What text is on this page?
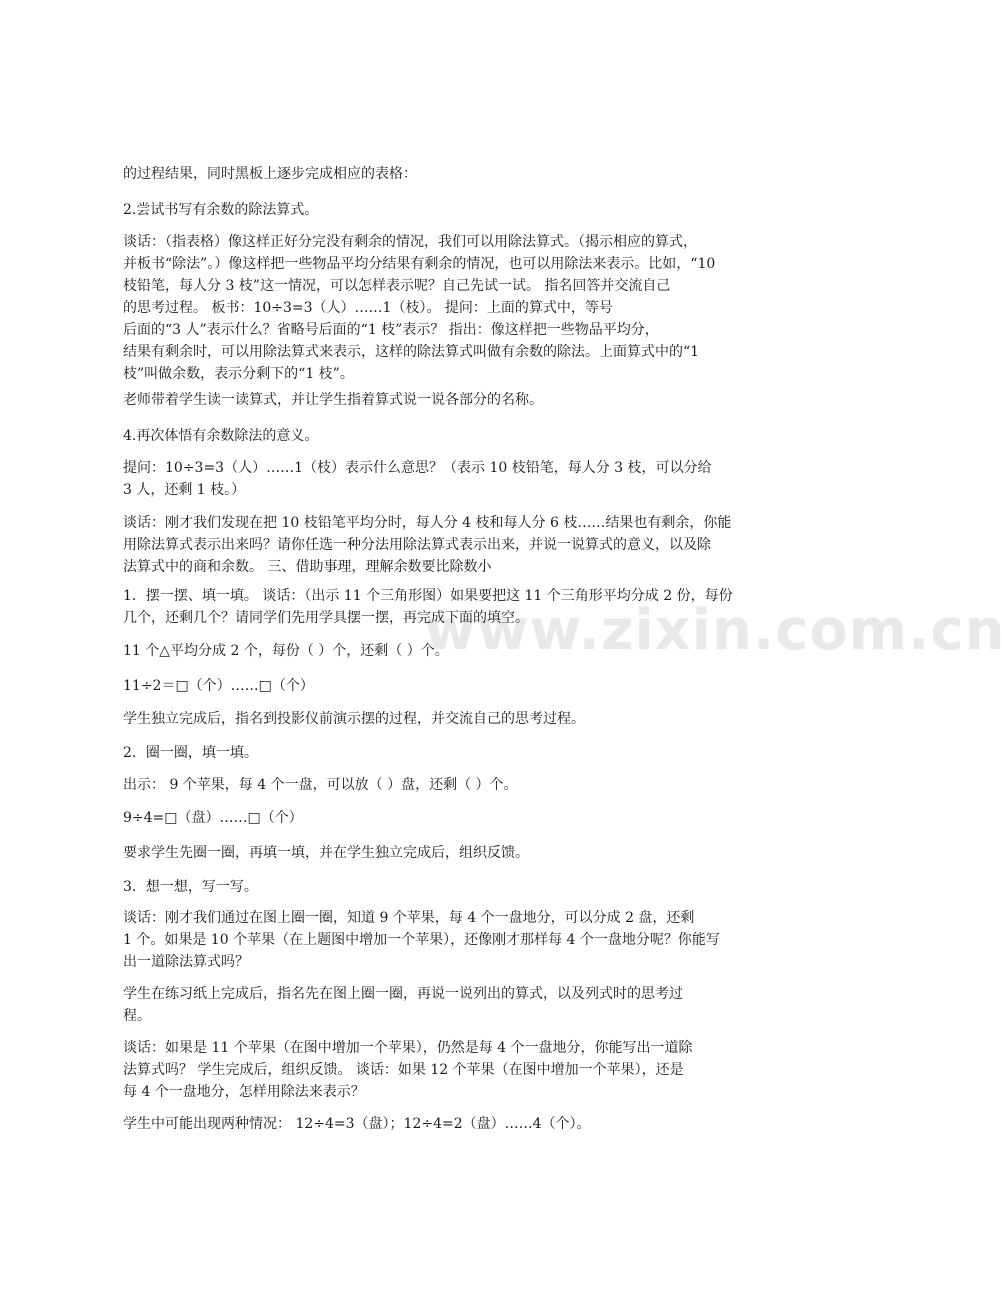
www.zixin.com.cn
的过程结果，同时黑板上逐步完成相应的表格：
2.尝试书写有余数的除法算式。
谈话：（指表格）像这样正好分完没有剩余的情况，我们可以用除法算式。（揭示相应的算式，
并板书“除法”。）像这样把一些物品平均分结果有剩余的情况，也可以用除法来表示。比如，“10
枝铅笔，每人分 3 枝”这一情况，可以怎样表示呢？自己先试一试。 指名回答并交流自己
的思考过程。 板书：10÷3=3（人）……1（枝）。 提问：上面的算式中，等号
后面的“3 人”表示什么？省略号后面的“1 枝”表示？ 指出：像这样把一些物品平均分，
结果有剩余时，可以用除法算式来表示，这样的除法算式叫做有余数的除法。上面算式中的“1
枝”叫做余数，表示分剩下的“1 枝”。
老师带着学生读一读算式，并让学生指着算式说一说各部分的名称。
4.再次体悟有余数除法的意义。
提问：10÷3=3（人）……1（枝）表示什么意思？（表示 10 枝铅笔，每人分 3 枝，可以分给
3 人，还剩 1 枝。）
谈话：刚才我们发现在把 10 枝铅笔平均分时，每人分 4 枝和每人分 6 枝……结果也有剩余，你能
用除法算式表示出来吗？请你任选一种分法用除法算式表示出来，并说一说算式的意义，以及除
法算式中的商和余数。 三、借助事理，理解余数要比除数小
1．摆一摆、填一填。 谈话：（出示 11 个三角形图）如果要把这 11 个三角形平均分成 2 份，每份
几个，还剩几个？请同学们先用学具摆一摆，再完成下面的填空。
11 个△平均分成 2 个，每份（ ）个，还剩（ ）个。
11÷2＝□（个）……□（个）
学生独立完成后，指名到投影仪前演示摆的过程，并交流自己的思考过程。
2．圈一圈，填一填。
出示： 9 个苹果，每 4 个一盘，可以放（ ）盘，还剩（ ）个。
9÷4=□（盘）……□（个）
要求学生先圈一圈，再填一填，并在学生独立完成后，组织反馈。
3．想一想，写一写。
谈话：刚才我们通过在图上圈一圈，知道 9 个苹果，每 4 个一盘地分，可以分成 2 盘，还剩
1 个。如果是 10 个苹果（在上题图中增加一个苹果），还像刚才那样每 4 个一盘地分呢？你能写
出一道除法算式吗？
学生在练习纸上完成后，指名先在图上圈一圈，再说一说列出的算式，以及列式时的思考过
程。
谈话：如果是 11 个苹果（在图中增加一个苹果），仍然是每 4 个一盘地分，你能写出一道除
法算式吗？ 学生完成后，组织反馈。 谈话：如果 12 个苹果（在图中增加一个苹果），还是
每 4 个一盘地分，怎样用除法来表示？
学生中可能出现两种情况： 12÷4=3（盘）；12÷4=2（盘）……4（个）。
